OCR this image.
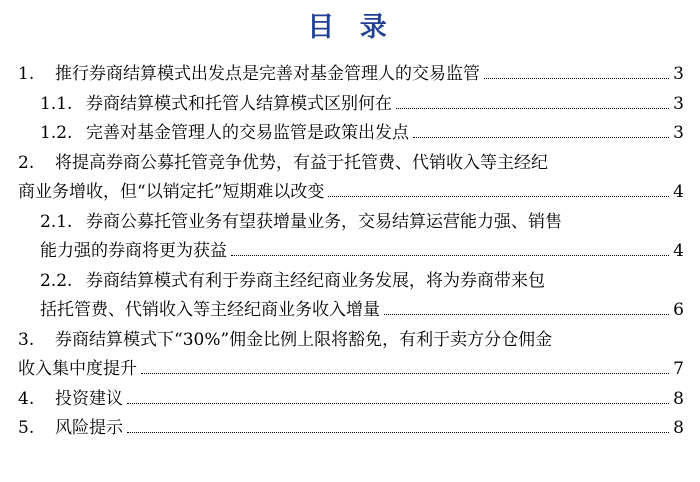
目 录
1.	推行券商结算模式出发点是完善对基金管理人的交易监管	3
1.1. 券商结算模式和托管人结算模式区别何在	3
1.2. 完善对基金管理人的交易监管是政策出发点	3
2.	将提高券商公募托管竞争优势，有益于托管费、代销收入等主经纪
商业务增收，但“以销定托”短期难以改变	4
2.1. 券商公募托管业务有望获增量业务，交易结算运营能力强、销售
能力强的券商将更为获益	4
2.2. 券商结算模式有利于券商主经纪商业务发展，将为券商带来包
括托管费、代销收入等主经纪商业务收入增量	6
3.	券商结算模式下“30%”佣金比例上限将豁免，有利于卖方分仓佣金
收入集中度提升	7
4.	投资建议	8
5.	风险提示	8
